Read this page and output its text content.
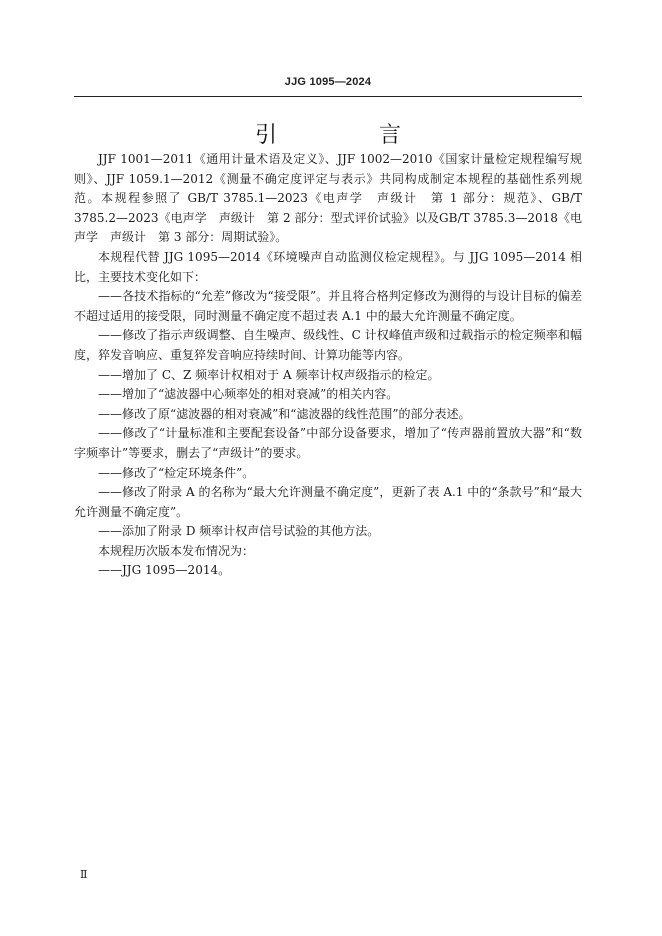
JJG 1095—2024
引　言

JJF 1001—2011《通用计量术语及定义》、JJF 1002—2010《国家计量检定规程编写规则》、JJF 1059.1—2012《测量不确定度评定与表示》共同构成制定本规程的基础性系列规范。本规程参照了 GB/T 3785.1—2023《电声学　声级计　第 1 部分：规范》、GB/T 3785.2—2023《电声学　声级计　第 2 部分：型式评价试验》以及GB/T 3785.3—2018《电声学　声级计　第 3 部分：周期试验》。

本规程代替 JJG 1095—2014《环境噪声自动监测仪检定规程》。与 JJG 1095—2014 相比，主要技术变化如下：

——各技术指标的“允差”修改为“接受限”。并且将合格判定修改为测得的与设计目标的偏差不超过适用的接受限，同时测量不确定度不超过表 A.1 中的最大允许测量不确定度。

——修改了指示声级调整、自生噪声、级线性、C 计权峰值声级和过载指示的检定频率和幅度，猝发音响应、重复猝发音响应持续时间、计算功能等内容。

——增加了 C、Z 频率计权相对于 A 频率计权声级指示的检定。

——增加了“滤波器中心频率处的相对衰减”的相关内容。

——修改了原“滤波器的相对衰减”和“滤波器的线性范围”的部分表述。

——修改了“计量标准和主要配套设备”中部分设备要求，增加了“传声器前置放大器”和“数字频率计”等要求，删去了“声级计”的要求。

——修改了“检定环境条件”。

——修改了附录 A 的名称为“最大允许测量不确定度”，更新了表 A.1 中的“条款号”和“最大允许测量不确定度”。

——添加了附录 D 频率计权声信号试验的其他方法。

本规程历次版本发布情况为：

——JJG 1095—2014。

Ⅱ
